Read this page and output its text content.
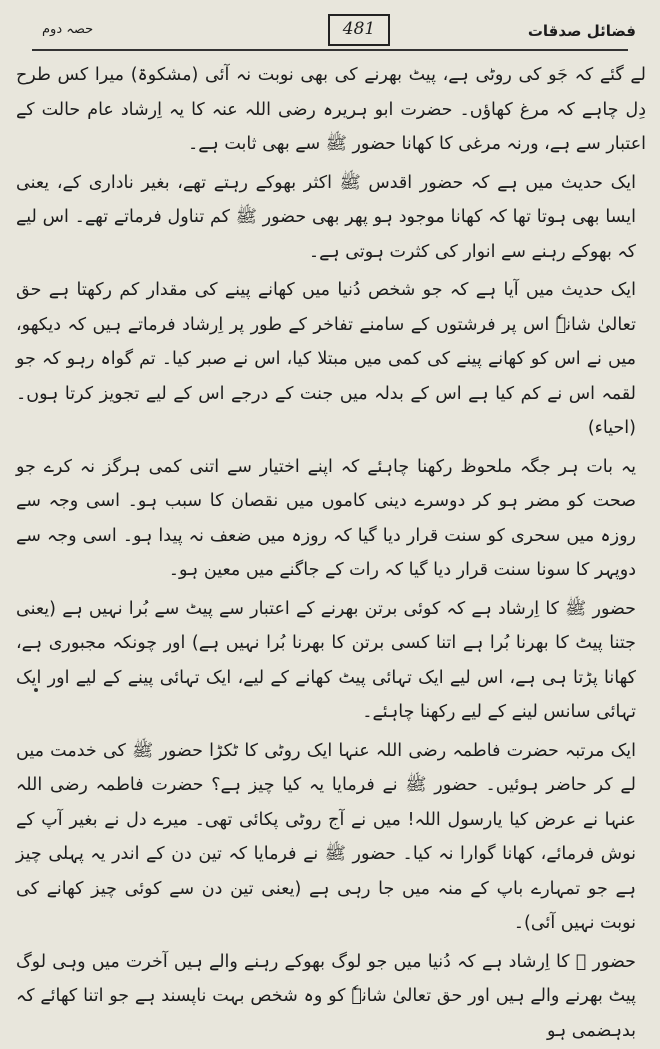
فضائل صدقات
481
حصہ دوم

لے گئے کہ جَو کی روٹی ہے، پیٹ بھرنے کی بھی نوبت نہ آئی (مشکوۃ) میرا کس طرح دِل چاہے کہ مرغ کھاؤں۔ حضرت ابو ہریرہ رضی اللہ عنہ کا یہ اِرشاد عام حالت کے اعتبار سے ہے، ورنہ مرغی کا کھانا حضور ﷺ سے بھی ثابت ہے۔

ایک حدیث میں ہے کہ حضور اقدس ﷺ اکثر بھوکے رہتے تھے، بغیر ناداری کے، یعنی ایسا بھی ہوتا تھا کہ کھانا موجود ہو پھر بھی حضور ﷺ کم تناول فرماتے تھے۔ اس لیے کہ بھوکے رہنے سے انوار کی کثرت ہوتی ہے۔

ایک حدیث میں آیا ہے کہ جو شخص دُنیا میں کھانے پینے کی مقدار کم رکھتا ہے حق تعالیٰ شانہٗ اس پر فرشتوں کے سامنے تفاخر کے طور پر اِرشاد فرماتے ہیں کہ دیکھو، میں نے اس کو کھانے پینے کی کمی میں مبتلا کیا، اس نے صبر کیا۔ تم گواہ رہو کہ جو لقمہ اس نے کم کیا ہے اس کے بدلہ میں جنت کے درجے اس کے لیے تجویز کرتا ہوں۔ (احیاء)

یہ بات ہر جگہ ملحوظ رکھنا چاہئے کہ اپنے اختیار سے اتنی کمی ہرگز نہ کرے جو صحت کو مضر ہو کر دوسرے دینی کاموں میں نقصان کا سبب ہو۔ اسی وجہ سے روزہ میں سحری کو سنت قرار دیا گیا کہ روزہ میں ضعف نہ پیدا ہو۔ اسی وجہ سے دوپہر کا سونا سنت قرار دیا گیا کہ رات کے جاگنے میں معین ہو۔

حضور ﷺ کا اِرشاد ہے کہ کوئی برتن بھرنے کے اعتبار سے پیٹ سے بُرا نہیں ہے (یعنی جتنا پیٹ کا بھرنا بُرا ہے اتنا کسی برتن کا بھرنا بُرا نہیں ہے) اور چونکہ مجبوری ہے، کھانا پڑتا ہی ہے، اس لیے ایک تہائی پیٹ کھانے کے لیے، ایک تہائی پینے کے لیے اور ایک تہائی سانس لینے کے لیے رکھنا چاہئے۔

ایک مرتبہ حضرت فاطمہ رضی اللہ عنہا ایک روٹی کا ٹکڑا حضور ﷺ کی خدمت میں لے کر حاضر ہوئیں۔ حضور ﷺ نے فرمایا یہ کیا چیز ہے؟ حضرت فاطمہ رضی اللہ عنہا نے عرض کیا یارسول اللہ! میں نے آج روٹی پکائی تھی۔ میرے دل نے بغیر آپ کے نوش فرمائے، کھانا گوارا نہ کیا۔ حضور ﷺ نے فرمایا کہ تین دن کے اندر یہ پہلی چیز ہے جو تمہارے باپ کے منہ میں جا رہی ہے (یعنی تین دن سے کوئی چیز کھانے کی نوبت نہیں آئی)۔

حضور ﷺ کا اِرشاد ہے کہ دُنیا میں جو لوگ بھوکے رہنے والے ہیں آخرت میں وہی لوگ پیٹ بھرنے والے ہیں اور حق تعالیٰ شانہٗ کو وہ شخص بہت ناپسند ہے جو اتنا کھائے کہ بدہضمی ہو
